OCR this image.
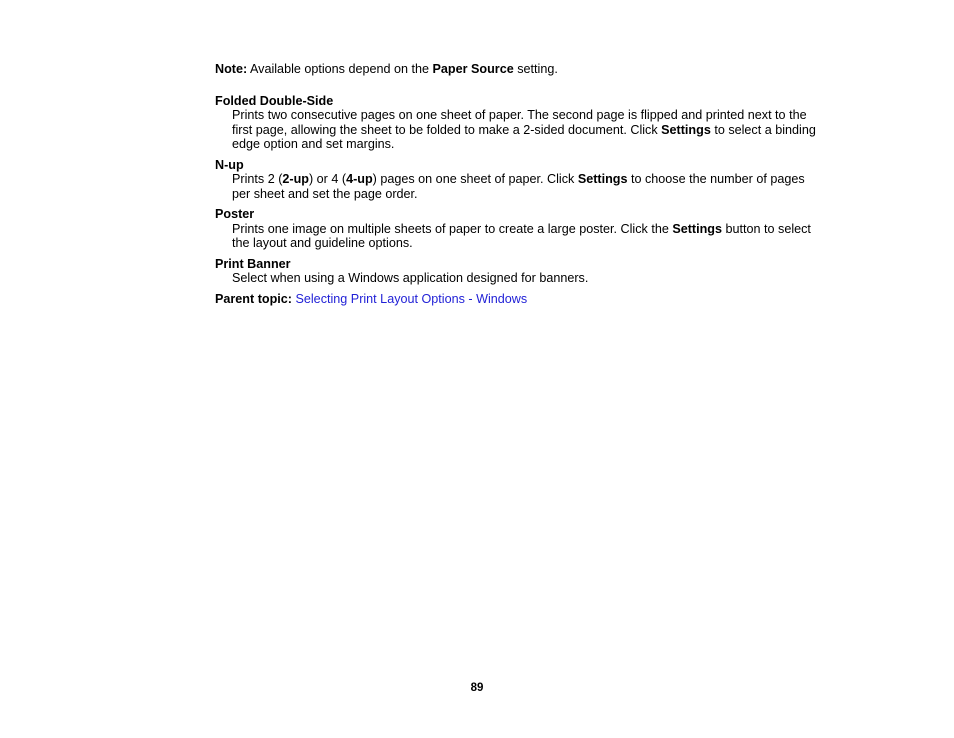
Note: Available options depend on the Paper Source setting.

Folded Double-Side

Prints two consecutive pages on one sheet of paper. The second page is flipped and printed next to the first page, allowing the sheet to be folded to make a 2-sided document. Click Settings to select a binding edge option and set margins.

N-up

Prints 2 (2-up) or 4 (4-up) pages on one sheet of paper. Click Settings to choose the number of pages per sheet and set the page order.

Poster

Prints one image on multiple sheets of paper to create a large poster. Click the Settings button to select the layout and guideline options.

Print Banner

Select when using a Windows application designed for banners.

Parent topic: Selecting Print Layout Options - Windows

89
